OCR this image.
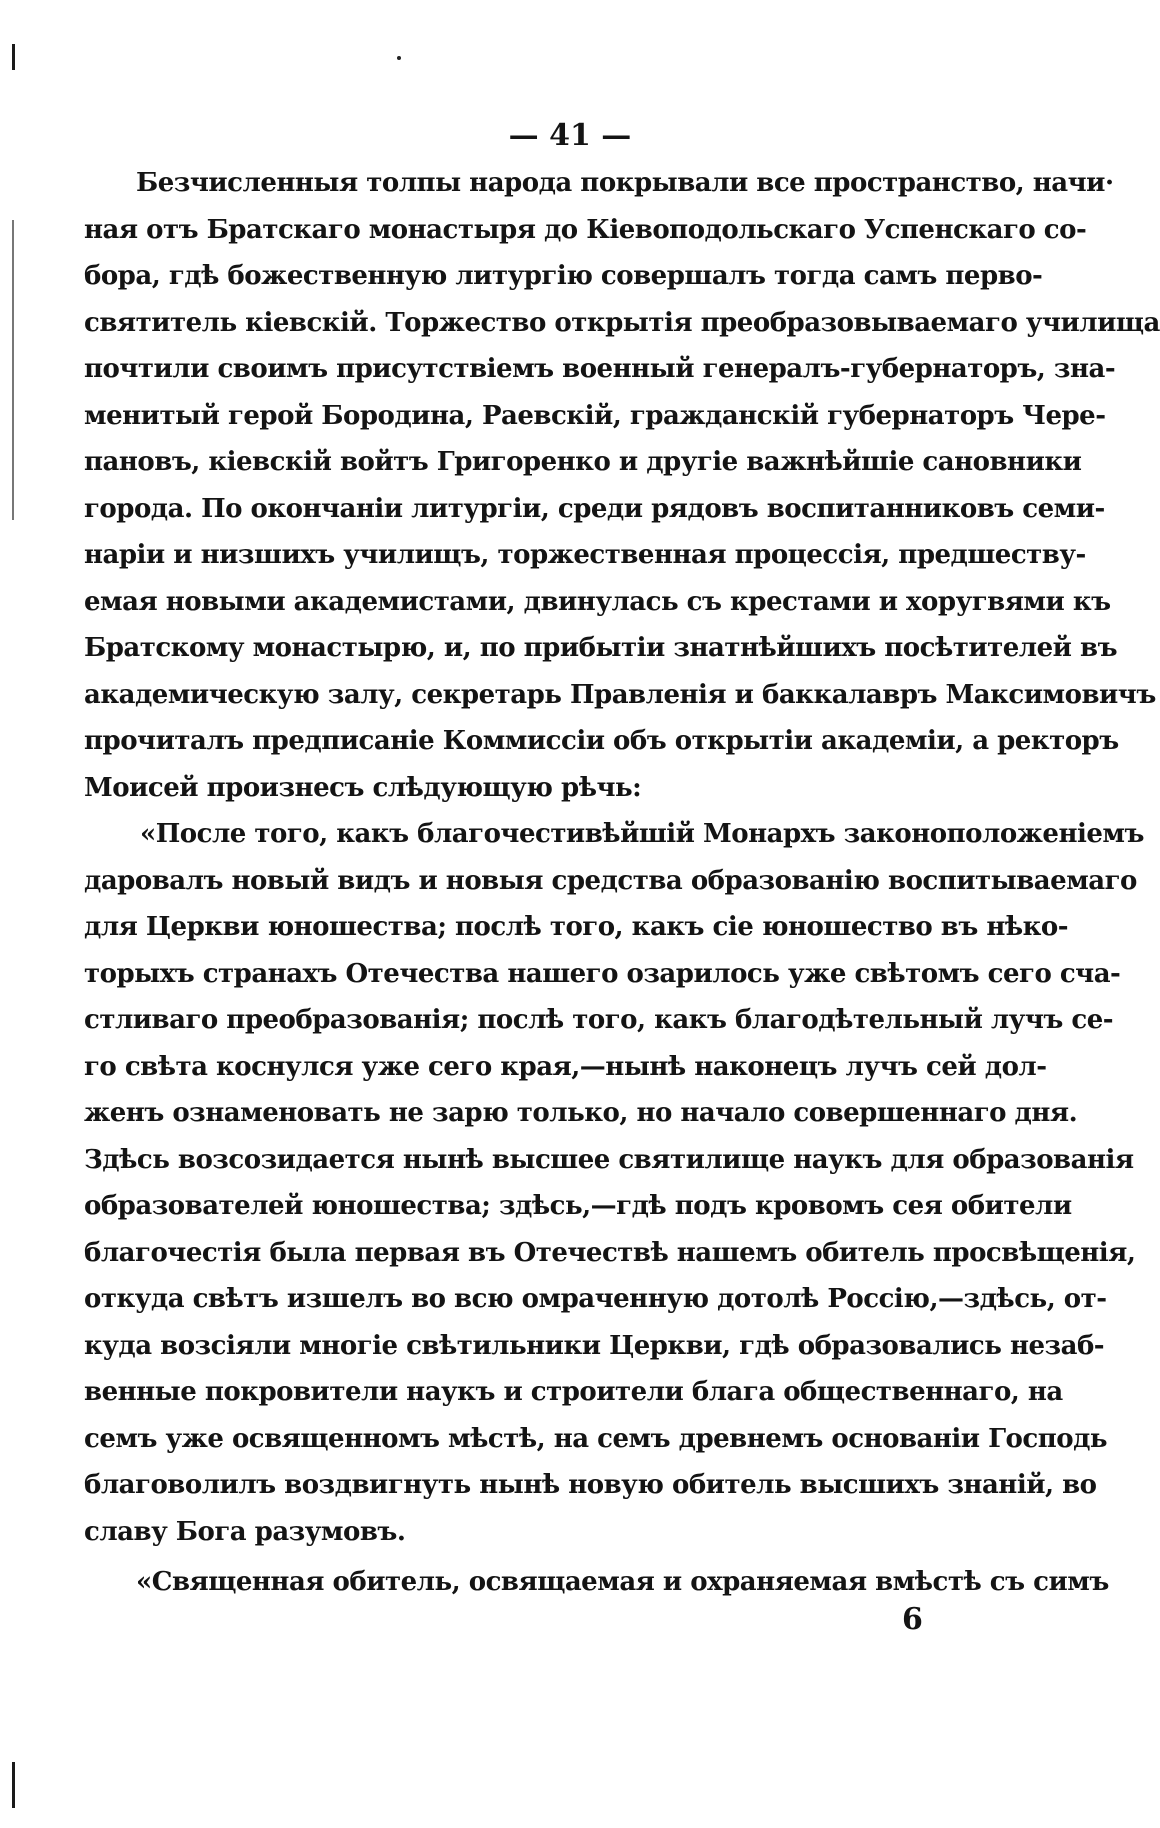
— 41 —
Безчисленныя толпы народа покрывали все пространство, начи·
ная отъ Братскаго монастыря до Кіевоподольскаго Успенскаго со-
бора, гдѣ божественную литургію совершалъ тогда самъ перво-
святитель кіевскій. Торжество открытія преобразовываемаго училища
почтили своимъ присутствіемъ военный генералъ-губернаторъ, зна-
менитый герой Бородина, Раевскій, гражданскій губернаторъ Чере-
пановъ, кіевскій войтъ Григоренко и другіе важнѣйшіе сановники
города. По окончаніи литургіи, среди рядовъ воспитанниковъ семи-
наріи и низшихъ училищъ, торжественная процессія, предшеству-
емая новыми академистами, двинулась съ крестами и хоругвями къ
Братскому монастырю, и, по прибытіи знатнѣйшихъ посѣтителей въ
академическую залу, секретарь Правленія и баккалавръ Максимовичъ
прочиталъ предписаніе Коммиссіи объ открытіи академіи, а ректоръ
Моисей произнесъ слѣдующую рѣчь:
«После того, какъ благочестивѣйшій Монархъ законоположеніемъ
даровалъ новый видъ и новыя средства образованію воспитываемаго
для Церкви юношества; послѣ того, какъ сіе юношество въ нѣко-
торыхъ странахъ Отечества нашего озарилось уже свѣтомъ сего сча-
стливаго преобразованія; послѣ того, какъ благодѣтельный лучъ се-
го свѣта коснулся уже сего края,—нынѣ наконецъ лучъ сей дол-
женъ ознаменовать не зарю только, но начало совершеннаго дня.
Здѣсь возсозидается нынѣ высшее святилище наукъ для образованія
образователей юношества; здѣсь,—гдѣ подъ кровомъ сея обители
благочестія была первая въ Отечествѣ нашемъ обитель просвѣщенія,
откуда свѣтъ изшелъ во всю омраченную дотолѣ Россію,—здѣсь, от-
куда возсіяли многіе свѣтильники Церкви, гдѣ образовались незаб-
венные покровители наукъ и строители блага общественнаго, на
семъ уже освященномъ мѣстѣ, на семъ древнемъ основаніи Господь
благоволилъ воздвигнуть нынѣ новую обитель высшихъ знаній, во
славу Бога разумовъ.
«Священная обитель, освящаемая и охраняемая вмѣстѣ съ симъ
6
